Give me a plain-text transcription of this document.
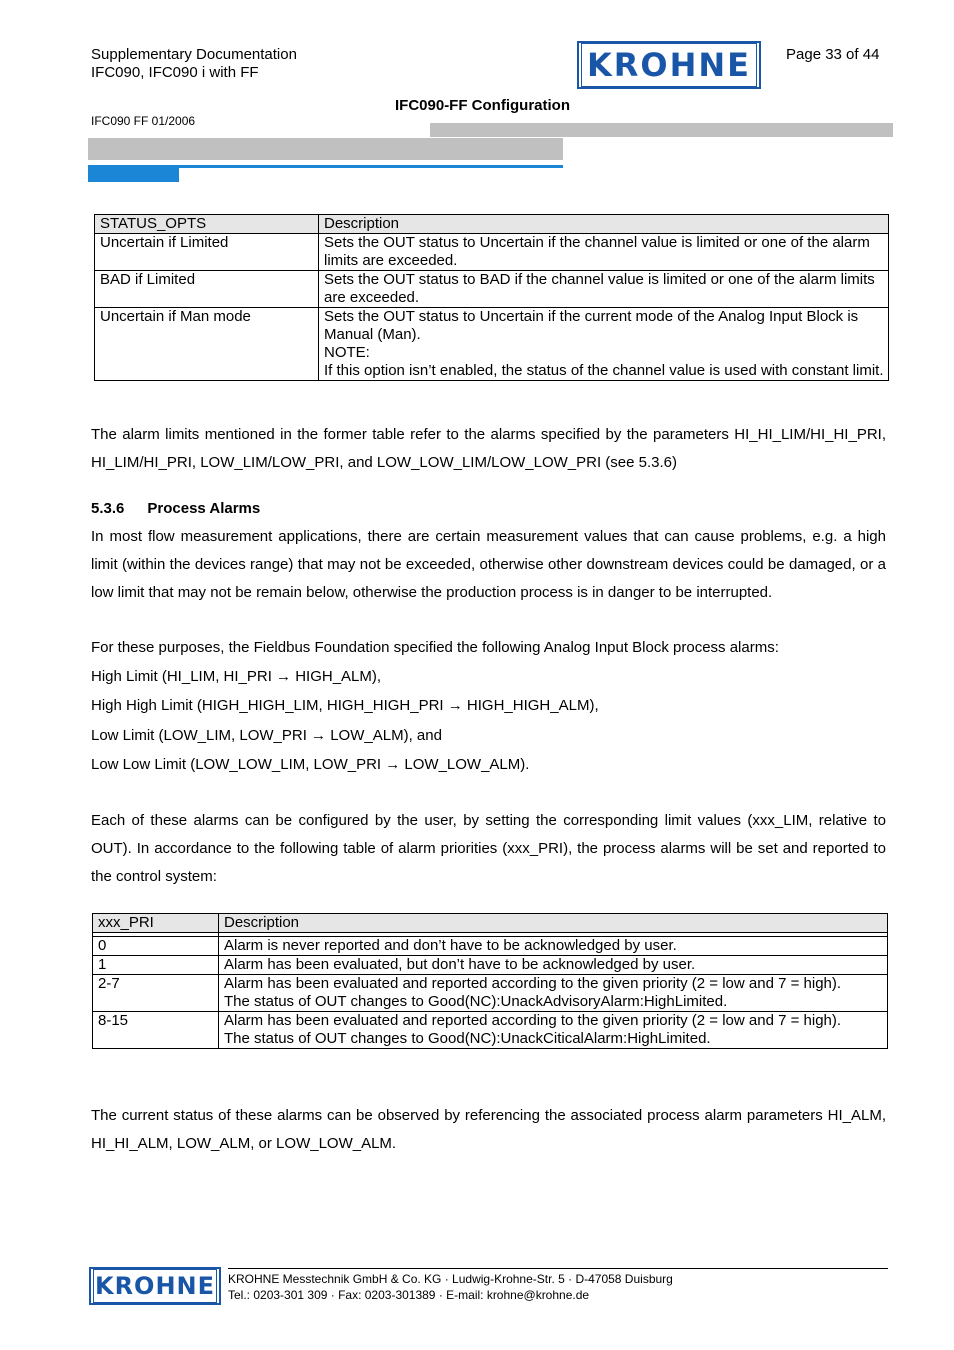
Supplementary Documentation
IFC090, IFC090 i with FF	KROHNE Page 33 of 44
IFC090-FF Configuration
IFC090 FF 01/2006
STATUS_OPTS	Description
Uncertain if Limited	Sets the OUT status to Uncertain if the channel value is limited or one of the alarm limits are exceeded.

BAD if Limited	Sets the OUT status to BAD if the channel value is limited or one of the alarm limits are exceeded.

Uncertain if Man mode	Sets the OUT status to Uncertain if the current mode of the Analog Input Block is Manual (Man).
NOTE:
If this option isn’t enabled, the status of the channel value is used with constant limit.
The alarm limits mentioned in the former table refer to the alarms specified by the parameters HI_HI_LIM/HI_HI_PRI, HI_LIM/HI_PRI, LOW_LIM/LOW_PRI, and LOW_LOW_LIM/LOW_LOW_PRI (see 5.3.6)
5.3.6 Process Alarms
In most flow measurement applications, there are certain measurement values that can cause problems, e.g. a high limit (within the devices range) that may not be exceeded, otherwise other downstream devices could be damaged, or a low limit that may not be remain below, otherwise the production process is in danger to be interrupted.
For these purposes, the Fieldbus Foundation specified the following Analog Input Block process alarms:
High Limit (HI_LIM, HI_PRI → HIGH_ALM),
High High Limit (HIGH_HIGH_LIM, HIGH_HIGH_PRI → HIGH_HIGH_ALM),
Low Limit (LOW_LIM, LOW_PRI → LOW_ALM), and
Low Low Limit (LOW_LOW_LIM, LOW_PRI → LOW_LOW_ALM).
Each of these alarms can be configured by the user, by setting the corresponding limit values (xxx_LIM, relative to OUT). In accordance to the following table of alarm priorities (xxx_PRI), the process alarms will be set and reported to the control system:
xxx_PRI	Description

0	Alarm is never reported and don’t have to be acknowledged by user.

1	Alarm has been evaluated, but don’t have to be acknowledged by user.

2-7	Alarm has been evaluated and reported according to the given priority (2 = low and 7 = high).
The status of OUT changes to Good(NC):UnackAdvisoryAlarm:HighLimited.

8-15	Alarm has been evaluated and reported according to the given priority (2 = low and 7 = high).
The status of OUT changes to Good(NC):UnackCiticalAlarm:HighLimited.
The current status of these alarms can be observed by referencing the associated process alarm parameters HI_ALM, HI_HI_ALM, LOW_ALM, or LOW_LOW_ALM.
KROHNE KROHNE Messtechnik GmbH & Co. KG · Ludwig-Krohne-Str. 5 · D-47058 Duisburg
Tel.: 0203-301 309 · Fax: 0203-301389 · E-mail: krohne@krohne.de
